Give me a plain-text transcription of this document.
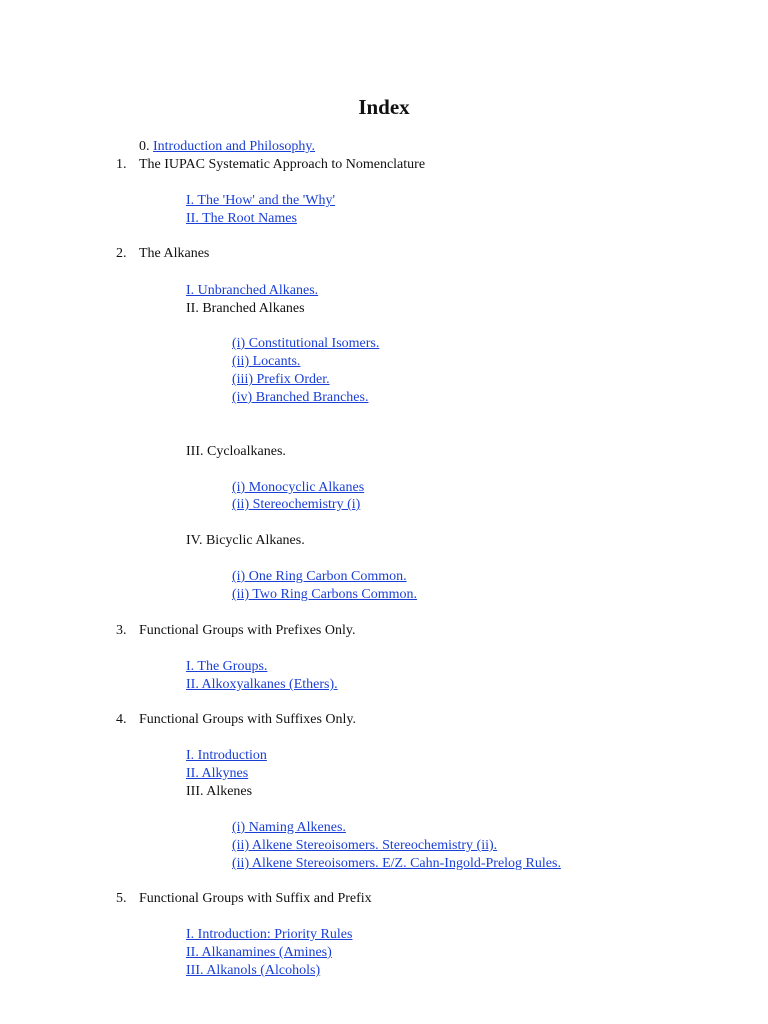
Index
0. Introduction and Philosophy.
1. The IUPAC Systematic Approach to Nomenclature
I. The 'How' and the 'Why'
II. The Root Names
2. The Alkanes
I. Unbranched Alkanes.
II. Branched Alkanes
(i) Constitutional Isomers.
(ii) Locants.
(iii) Prefix Order.
(iv) Branched Branches.
III. Cycloalkanes.
(i) Monocyclic Alkanes
(ii) Stereochemistry (i)
IV. Bicyclic Alkanes.
(i) One Ring Carbon Common.
(ii) Two Ring Carbons Common.
3. Functional Groups with Prefixes Only.
I. The Groups.
II. Alkoxyalkanes (Ethers).
4. Functional Groups with Suffixes Only.
I. Introduction
II. Alkynes
III. Alkenes
(i) Naming Alkenes.
(ii) Alkene Stereoisomers. Stereochemistry (ii).
(ii) Alkene Stereoisomers. E/Z. Cahn-Ingold-Prelog Rules.
5. Functional Groups with Suffix and Prefix
I. Introduction: Priority Rules
II. Alkanamines (Amines)
III. Alkanols (Alcohols)
